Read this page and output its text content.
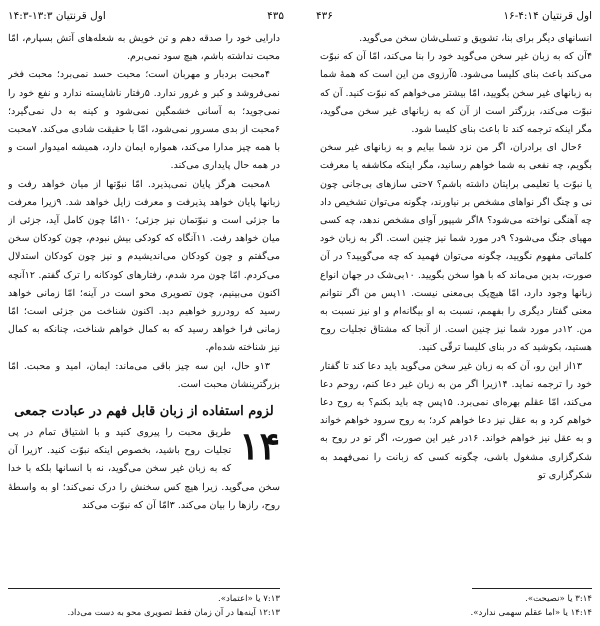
اول قرنتیان ۴:۱۴-۱۶
۴۳۶

انسانهای دیگر برای بنا، تشویق و تسلی‌شان سخن می‌گوید.

۴آن که به زبان غیر سخن می‌گوید خود را بنا می‌کند، امّا آن که نبوّت می‌کند باعث بنای کلیسا می‌شود. ۵آرزوی من این است که همهٔ شما به زبانهای غیر سخن بگویید، امّا بیشتر می‌خواهم که نبوّت کنید. آن که نبوّت می‌کند، بزرگتر است از آن که به زبانهای غیر سخن می‌گوید، مگر اینکه ترجمه کند تا باعث بنای کلیسا شود.

۶حال ای برادران، اگر من نزد شما بیایم و به زبانهای غیر سخن بگویم، چه نفعی به شما خواهم رسانید، مگر اینکه مکاشفه یا معرفت یا نبوّت یا تعلیمی برایتان داشته باشم؟ ۷حتی سازهای بی‌جانی چون نی و چنگ اگر نواهای مشخص بر نیاورند، چگونه می‌توان تشخیص داد چه آهنگی نواخته می‌شود؟ ۸اگر شیپور آوای مشخص ندهد، چه کسی مهیای جنگ می‌شود؟ ۹در مورد شما نیز چنین است. اگر به زبان خود کلماتی مفهوم نگویید، چگونه می‌توان فهمید که چه می‌گویید؟ در آن صورت، بدین می‌ماند که با هوا سخن بگویید. ۱۰بی‌شک در جهان انواع زبانها وجود دارد، امّا هیچ‌یک بی‌معنی نیست. ۱۱پس من اگر نتوانم معنی گفتار دیگری را بفهمم، نسبت به او بیگانه‌ام و او نیز نسبت به من. ۱۲در مورد شما نیز چنین است. از آنجا که مشتاق تجلیات روح هستید، بکوشید که در بنای کلیسا ترقّی کنید.

۱۳از این رو، آن که به زبان غیر سخن می‌گوید باید دعا کند تا گفتار خود را ترجمه نماید. ۱۴زیرا اگر من به زبان غیر دعا کنم، روحم دعا می‌کند، امّا عقلم بهره‌ای نمی‌برد. ۱۵پس چه باید بکنم؟ به روح دعا خواهم کرد و به عقل نیز دعا خواهم کرد؛ به روح سرود خواهم خواند و به عقل نیز خواهم خواند. ۱۶در غیر این صورت، اگر تو در روح به شکرگزاری مشغول باشی، چگونه کسی که زبانت را نمی‌فهمد به شکرگزاری تو

۳:۱۴ یا «نصیحت».
۱۴:۱۴ یا «اما عقلم سهمی ندارد».
اول قرنتیان ۱۳:۳-۱۴:۳	۴۳۵

دارایی خود را صدقه دهم و تن خویش به شعله‌های آتش بسپارم، امّا محبت نداشته باشم، هیچ سود نمی‌برم.

۴محبت بردبار و مهربان است؛ محبت حسد نمی‌برد؛ محبت فخر نمی‌فروشد و کبر و غرور ندارد. ۵رفتار ناشایسته ندارد و نفع خود را نمی‌جوید؛ به آسانی خشمگین نمی‌شود و کینه به دل نمی‌گیرد؛ ۶محبت از بدی مسرور نمی‌شود، امّا با حقیقت شادی می‌کند. ۷محبت با همه چیز مدارا می‌کند، همواره ایمان دارد، همیشه امیدوار است و در همه حال پایداری می‌کند.

۸محبت هرگز پایان نمی‌پذیرد. امّا نبوّتها از میان خواهد رفت و زبانها پایان خواهد پذیرفت و معرفت زایل خواهد شد. ۹زیرا معرفت ما جزئی است و نبوّتمان نیز جزئی؛ ۱۰امّا چون کامل آید، جزئی از میان خواهد رفت. ۱۱آنگاه که کودکی بیش نبودم، چون کودکان سخن می‌گفتم و چون کودکان می‌اندیشیدم و نیز چون کودکان استدلال می‌کردم. امّا چون مرد شدم، رفتارهای کودکانه را ترک گفتم. ۱۲آنچه اکنون می‌بینیم، چون تصویری محو است در آینه؛ امّا زمانی خواهد رسید که رو‌در‌رو خواهیم دید. اکنون شناخت من جزئی است؛ امّا زمانی فرا خواهد رسید که به کمال خواهم شناخت، چنانکه به کمال نیز شناخته شده‌ام.

۱۳و حال، این سه چیز باقی می‌ماند: ایمان، امید و محبت. امّا بزرگترینشان محبت است.

لزوم استفاده از زبان قابل فهم در عبادت جمعی

۱۴
طریق محبت را پیروی کنید و با اشتیاق تمام در پی تجلیات روح باشید، بخصوص اینکه نبوّت کنید. ۲زیرا آن که به زبان غیر سخن می‌گوید، نه با انسانها بلکه با خدا سخن می‌گوید. زیرا هیچ کس سخنش را درک نمی‌کند؛ او به واسطهٔ روح، رازها را بیان می‌کند. ۳امّا آن که نبوّت می‌کند

۷:۱۳ یا «اعتماد».
۱۲:۱۳ آینه‌ها در آن زمان فقط تصویری محو به دست می‌داد.
